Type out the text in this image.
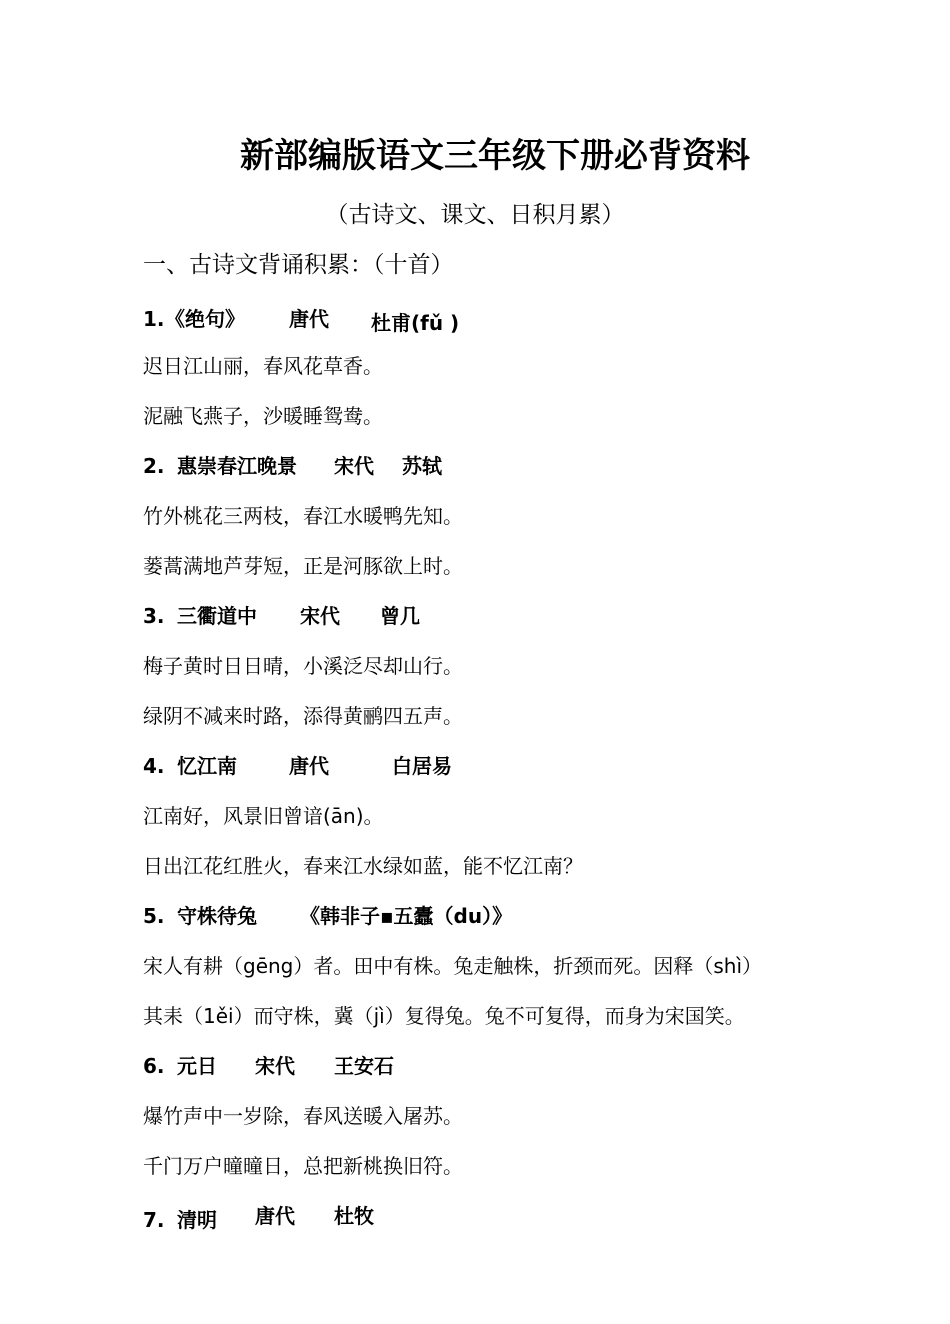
新部编版语文三年级下册必背资料
（古诗文、课文、日积月累）
一、古诗文背诵积累：（十首）
1. 《绝句》 唐代 杜甫(fǔ )
迟日江山丽，春风花草香。
泥融飞燕子，沙暖睡鸳鸯。
2. 惠崇春江晚景 宋代 苏轼
竹外桃花三两枝，春江水暖鸭先知。
蒌蒿满地芦芽短，正是河豚欲上时。
3. 三衢道中 宋代 曾几
梅子黄时日日晴，小溪泛尽却山行。
绿阴不减来时路，添得黄鹂四五声。
4. 忆江南	唐代	白居易
江南好，风景旧曾谙(ān)。
日出江花红胜火，春来江水绿如蓝，能不忆江南？
5. 守株待兔 《韩非子▪五蠹（du）》
宋人有耕（gēng）者。田中有株。兔走触株，折颈而死。因释（shì）
其耒（1ěi）而守株，冀（jì）复得兔。兔不可复得，而身为宋国笑。
6. 元日 宋代 王安石
爆竹声中一岁除，春风送暖入屠苏。
千门万户曈曈日，总把新桃换旧符。
7. 清明 唐代 杜牧
